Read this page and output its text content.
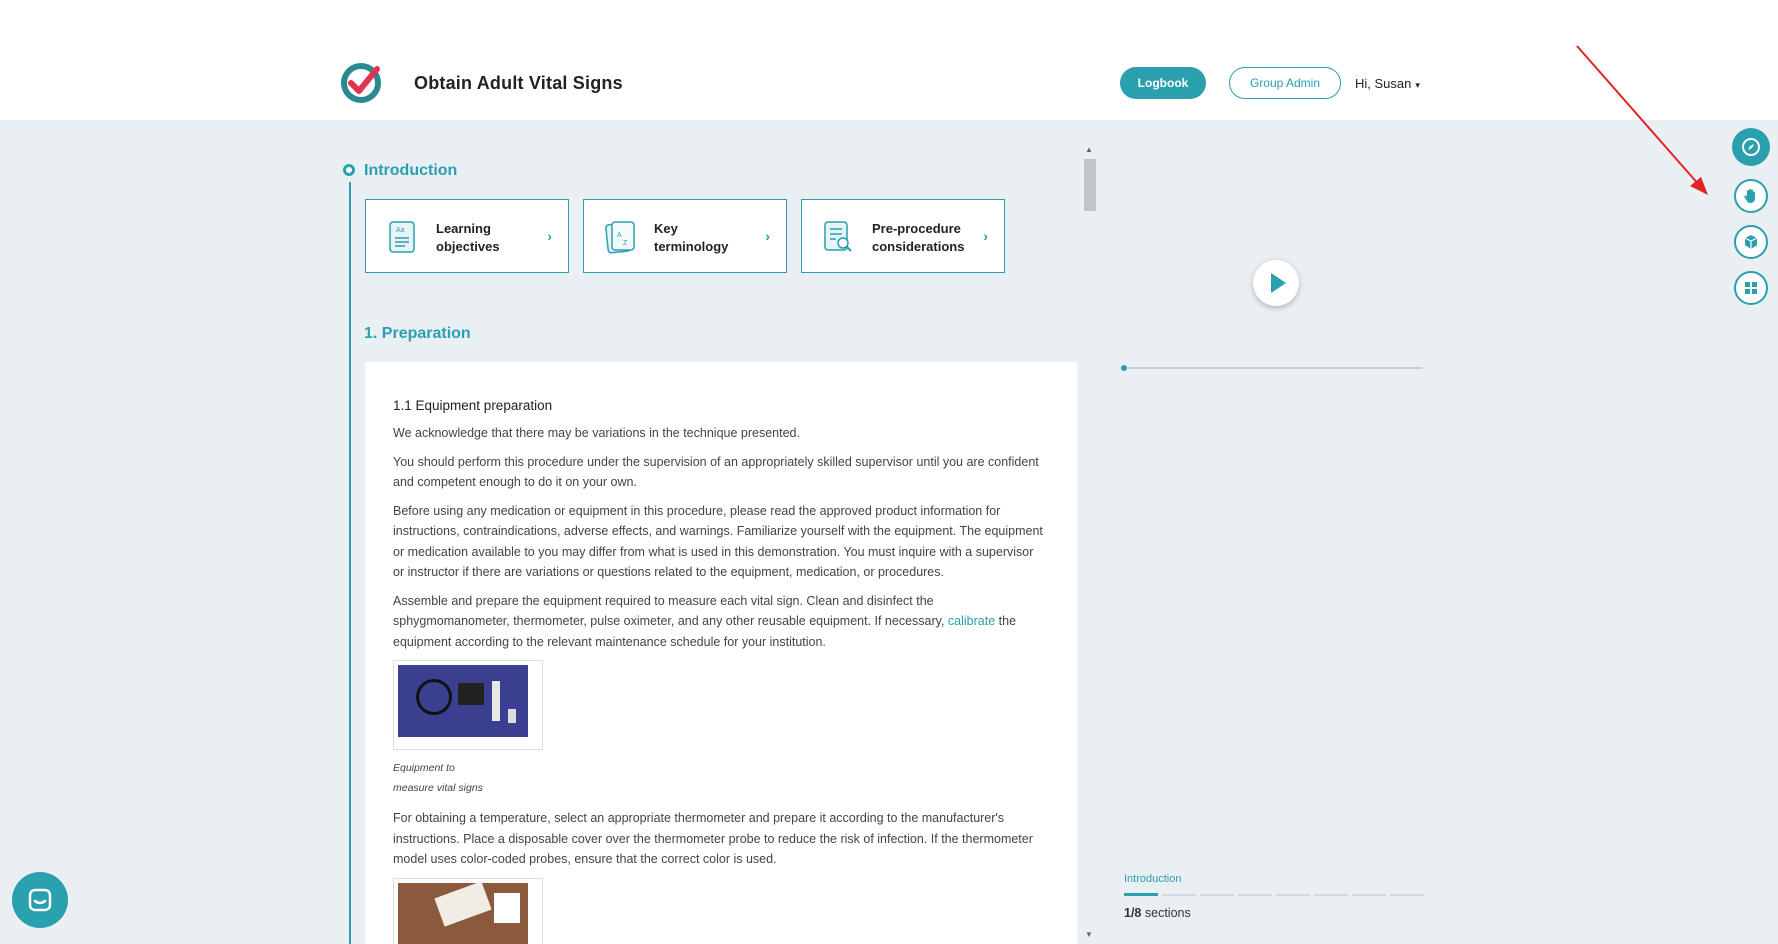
Obtain Adult Vital Signs	Logbook	Group Admin	Hi, Susan ▾
Introduction
Aa Learning
objectives
›	A
Z
Key
terminology
›	Pre-procedure
considerations
›
1. Preparation

1.1 Equipment preparation

We acknowledge that there may be variations in the technique presented.

You should perform this procedure under the supervision of an appropriately skilled supervisor until you are confident and competent enough to do it on your own.

Before using any medication or equipment in this procedure, please read the approved product information for instructions, contraindications, adverse effects, and warnings. Familiarize yourself with the equipment. The equipment or medication available to you may differ from what is used in this demonstration. You must inquire with a supervisor or instructor if there are variations or questions related to the equipment, medication, or procedures.

Assemble and prepare the equipment required to measure each vital sign. Clean and disinfect the sphygmomanometer, thermometer, pulse oximeter, and any other reusable equipment. If necessary, calibrate the equipment according to the relevant maintenance schedule for your institution.

Equipment to measure vital signs

For obtaining a temperature, select an appropriate thermometer and prepare it according to the manufacturer's instructions. Place a disposable cover over the thermometer probe to reduce the risk of infection. If the thermometer model uses color-coded probes, ensure that the correct color is used.

▲
▼
Introduction
1/8 sections
